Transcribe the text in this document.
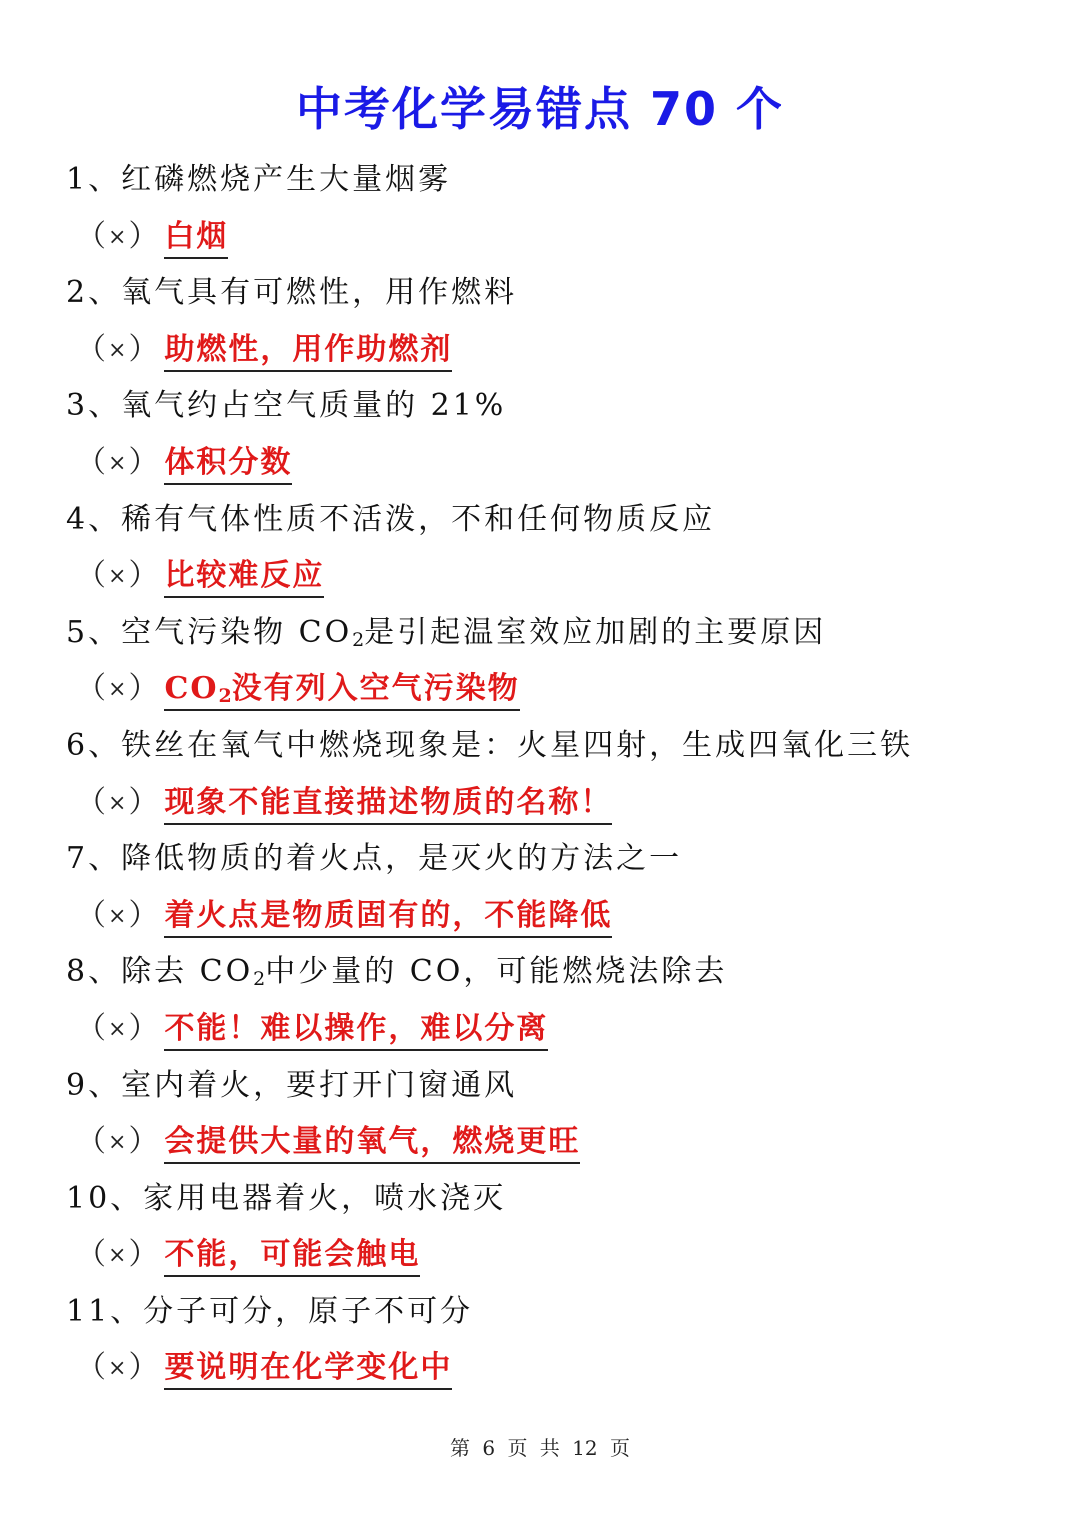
中考化学易错点 70 个
1、红磷燃烧产生大量烟雾
（×） 白烟
2、氧气具有可燃性，用作燃料
（×） 助燃性，用作助燃剂
3、氧气约占空气质量的 21%
（×） 体积分数
4、稀有气体性质不活泼，不和任何物质反应
（×） 比较难反应
5、空气污染物 $CO_2$是引起温室效应加剧的主要原因
（×） $CO_2$没有列入空气污染物
6、铁丝在氧气中燃烧现象是：火星四射，生成四氧化三铁
（×） 现象不能直接描述物质的名称！
7、降低物质的着火点，是灭火的方法之一
（×） 着火点是物质固有的，不能降低
8、除去 $CO_2$中少量的 CO，可能燃烧法除去
（×） 不能！难以操作，难以分离
9、室内着火，要打开门窗通风
（×） 会提供大量的氧气，燃烧更旺
10、家用电器着火，喷水浇灭
（×） 不能，可能会触电
11、分子可分，原子不可分
（×） 要说明在化学变化中
第 6 页 共 12 页
